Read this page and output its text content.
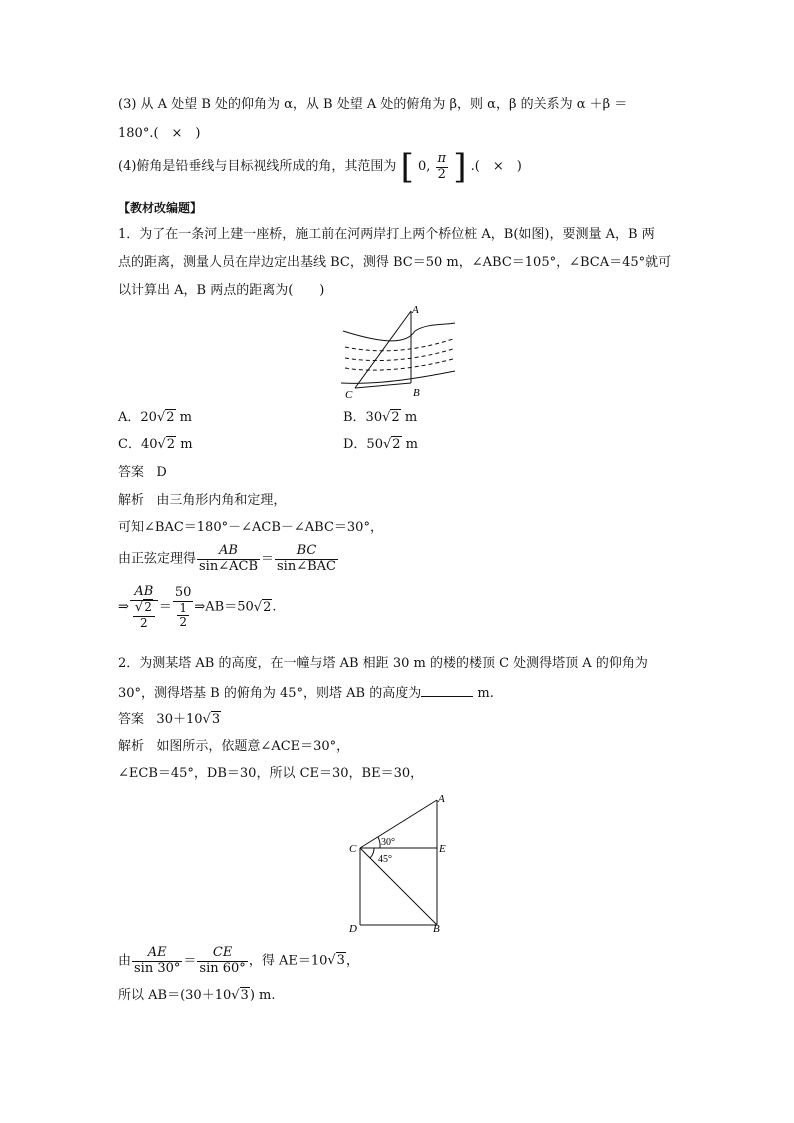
(3) 从 A 处望 B 处的仰角为 α，从 B 处望 A 处的俯角为 β，则 α，β 的关系为 α ＋β ＝
180°.(　×　)
(4)俯角是铅垂线与目标视线所成的角，其范围为 [ 0, $\frac{\pi}{2}$ ] .(　×　)
【教材改编题】
1．为了在一条河上建一座桥，施工前在河两岸打上两个桥位桩 A，B(如图)，要测量 A，B 两
点的距离，测量人员在岸边定出基线 BC，测得 BC＝50 m，∠ABC＝105°，∠BCA＝45°就可
以计算出 A，B 两点的距离为(　　)
A
B
C
A．20√2 m	B．30√2 m
C．40√2 m	D．50√2 m
答案 D
解析 由三角形内角和定理，
可知∠BAC＝180°－∠ACB－∠ABC＝30°，
由正弦定理得 $\frac{AB}{\text{sin∠ACB}} = \frac{BC}{\text{sin∠BAC}}$
⇒ $\frac{AB}{\frac{√2}{2}} = \frac{50}{\frac{1}{2}}$ ⇒AB＝50√2.
2．为测某塔 AB 的高度，在一幢与塔 AB 相距 30 m 的楼的楼顶 C 处测得塔顶 A 的仰角为
30°，测得塔基 B 的俯角为 45°，则塔 AB 的高度为	m.
答案 30＋10√3
解析 如图所示，依题意∠ACE＝30°，
∠ECB＝45°，DB＝30，所以 CE＝30，BE＝30，
A
C	E
D	B
30°
45°
由 $\frac{AE}{\sin 30^\circ} = \frac{CE}{\sin 60^\circ}$ ，得 AE＝10√3，
所以 AB＝(30＋10√3) m.
